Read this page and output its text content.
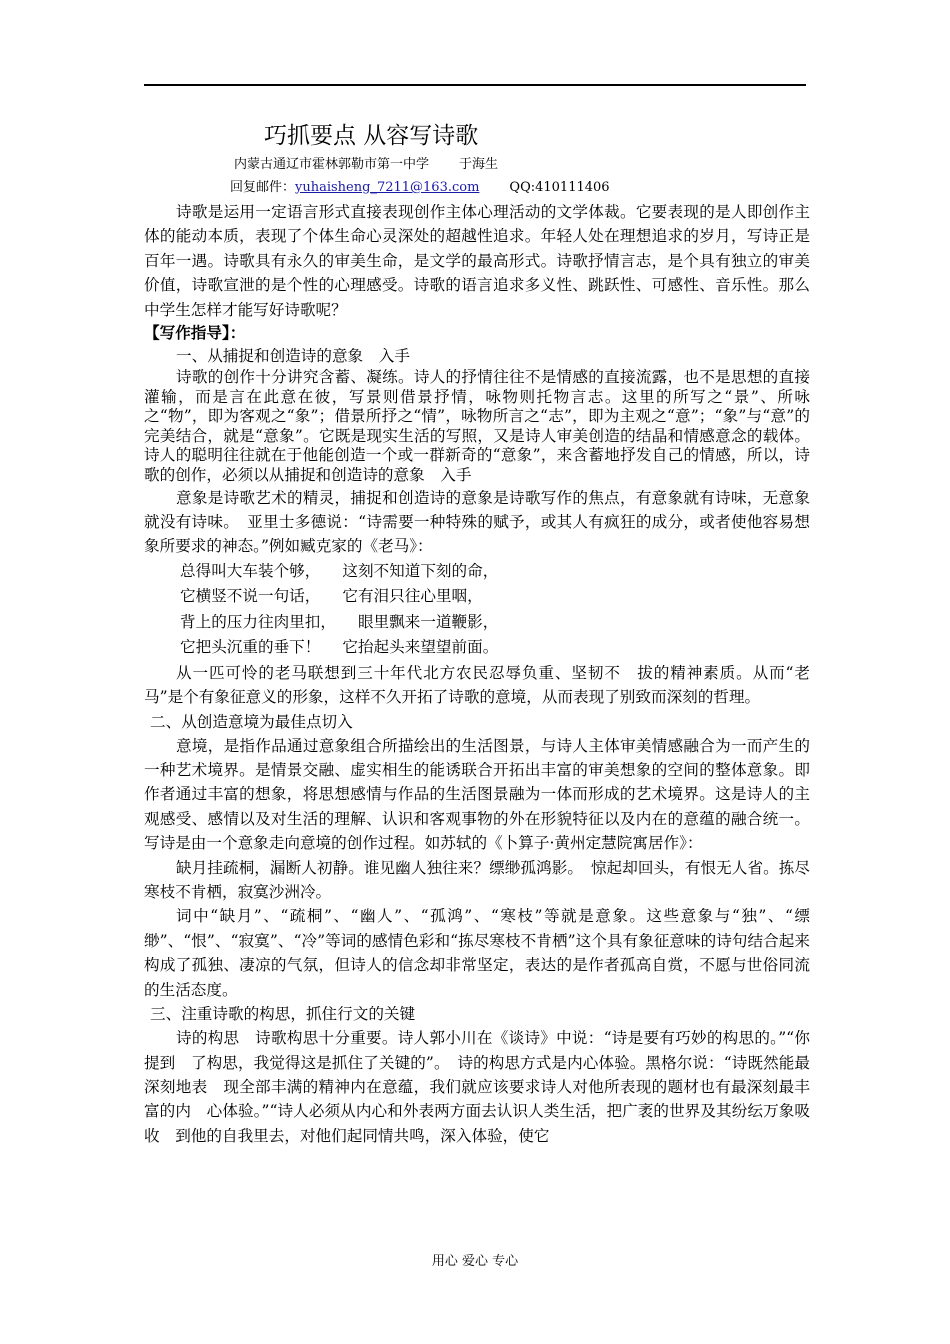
巧抓要点 从容写诗歌
内蒙古通辽市霍林郭勒市第一中学 于海生
回复邮件：yuhaisheng_7211@163.com QQ:410111406

诗歌是运用一定语言形式直接表现创作主体心理活动的文学体裁。它要表现的是人即创作主体的能动本质，表现了个体生命心灵深处的超越性追求。年轻人处在理想追求的岁月，写诗正是百年一遇。诗歌具有永久的审美生命，是文学的最高形式。诗歌抒情言志，是个具有独立的审美价值，诗歌宣泄的是个性的心理感受。诗歌的语言追求多义性、跳跃性、可感性、音乐性。那么中学生怎样才能写好诗歌呢？

【写作指导】：
一、从捕捉和创造诗的意象　入手

诗歌的创作十分讲究含蓄、凝练。诗人的抒情往往不是情感的直接流露，也不是思想的直接灌输，而是言在此意在彼，写景则借景抒情，咏物则托物言志。这里的所写之“景”、所咏之“物”，即为客观之“象”；借景所抒之“情”，咏物所言之“志”，即为主观之“意”；“象”与“意”的完美结合，就是“意象”。它既是现实生活的写照，又是诗人审美创造的结晶和情感意念的载体。诗人的聪明往往就在于他能创造一个或一群新奇的“意象”，来含蓄地抒发自己的情感，所以，诗歌的创作，必须以从捕捉和创造诗的意象　入手

意象是诗歌艺术的精灵，捕捉和创造诗的意象是诗歌写作的焦点，有意象就有诗味，无意象就没有诗味。　亚里士多德说：“诗需要一种特殊的赋予，或其人有疯狂的成分，或者使他容易想象所要求的神态。”例如臧克家的《老马》：

总得叫大车装个够， 这刻不知道下刻的命，
它横竖不说一句话， 它有泪只往心里咽，
背上的压力往肉里扣， 眼里飘来一道鞭影，
它把头沉重的垂下！ 它抬起头来望望前面。

从一匹可怜的老马联想到三十年代北方农民忍辱负重、坚韧不　拔的精神素质。从而“老马”是个有象征意义的形象，这样不久开拓了诗歌的意境，从而表现了别致而深刻的哲理。

二、从创造意境为最佳点切入

意境，是指作品通过意象组合所描绘出的生活图景，与诗人主体审美情感融合为一而产生的一种艺术境界。是情景交融、虚实相生的能诱联合开拓出丰富的审美想象的空间的整体意象。即作者通过丰富的想象，将思想感情与作品的生活图景融为一体而形成的艺术境界。这是诗人的主观感受、感情以及对生活的理解、认识和客观事物的外在形貌特征以及内在的意蕴的融合统一。写诗是由一个意象走向意境的创作过程。如苏轼的《卜算子·黄州定慧院寓居作》：

缺月挂疏桐，漏断人初静。谁见幽人独往来？缥缈孤鸿影。　惊起却回头，有恨无人省。拣尽寒枝不肯栖，寂寞沙洲冷。

词中“缺月”、“疏桐”、“幽人”、“孤鸿”、“寒枝”等就是意象。这些意象与“独”、“缥缈”、“恨”、“寂寞”、“冷”等词的感情色彩和“拣尽寒枝不肯栖”这个具有象征意味的诗句结合起来构成了孤独、凄凉的气氛，但诗人的信念却非常坚定，表达的是作者孤高自赏，不愿与世俗同流的生活态度。

三、注重诗歌的构思，抓住行文的关键

诗的构思　诗歌构思十分重要。诗人郭小川在《谈诗》中说：“诗是要有巧妙的构思的。”“你提到　了构思，我觉得这是抓住了关键的”。　诗的构思方式是内心体验。黑格尔说：“诗既然能最深刻地表　现全部丰满的精神内在意蕴，我们就应该要求诗人对他所表现的题材也有最深刻最丰富的内　心体验。”“诗人必须从内心和外表两方面去认识人类生活，把广袤的世界及其纷纭万象吸收　到他的自我里去，对他们起同情共鸣，深入体验，使它

用心 爱心 专心
